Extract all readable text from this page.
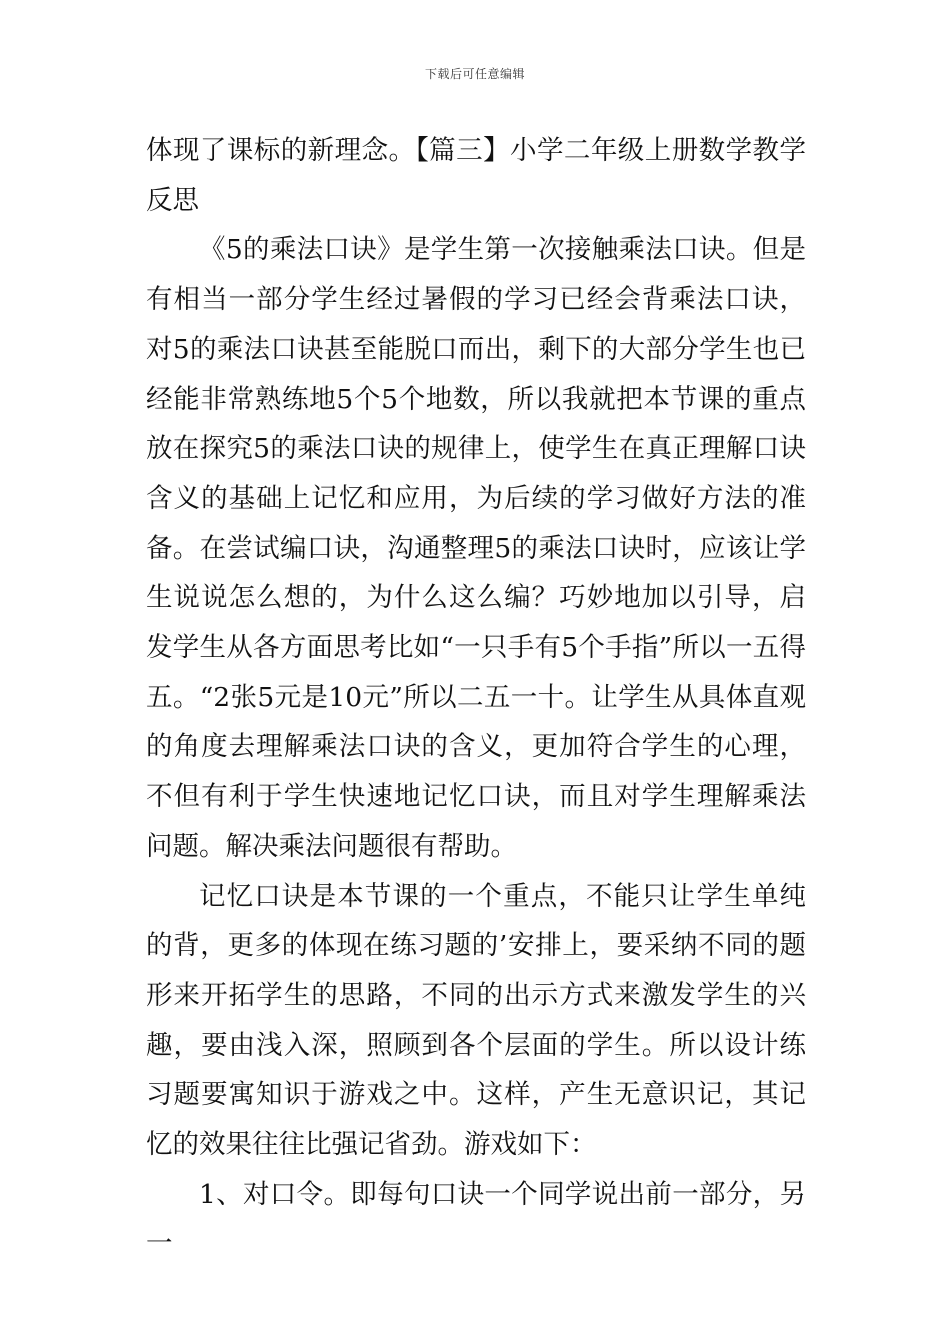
下载后可任意编辑

体现了课标的新理念。【篇三】小学二年级上册数学教学反思

《5的乘法口诀》是学生第一次接触乘法口诀。但是有相当一部分学生经过暑假的学习已经会背乘法口诀，对5的乘法口诀甚至能脱口而出，剩下的大部分学生也已经能非常熟练地5个5个地数，所以我就把本节课的重点放在探究5的乘法口诀的规律上，使学生在真正理解口诀含义的基础上记忆和应用，为后续的学习做好方法的准备。在尝试编口诀，沟通整理5的乘法口诀时，应该让学生说说怎么想的，为什么这么编？巧妙地加以引导，启发学生从各方面思考比如“一只手有5个手指”所以一五得五。“2张5元是10元”所以二五一十。让学生从具体直观的角度去理解乘法口诀的含义，更加符合学生的心理，不但有利于学生快速地记忆口诀，而且对学生理解乘法问题。解决乘法问题很有帮助。

记忆口诀是本节课的一个重点，不能只让学生单纯的背，更多的体现在练习题的’安排上，要采纳不同的题形来开拓学生的思路，不同的出示方式来激发学生的兴趣，要由浅入深，照顾到各个层面的学生。所以设计练习题要寓知识于游戏之中。这样，产生无意识记，其记忆的效果往往比强记省劲。游戏如下：

1、对口令。即每句口诀一个同学说出前一部分，另一
